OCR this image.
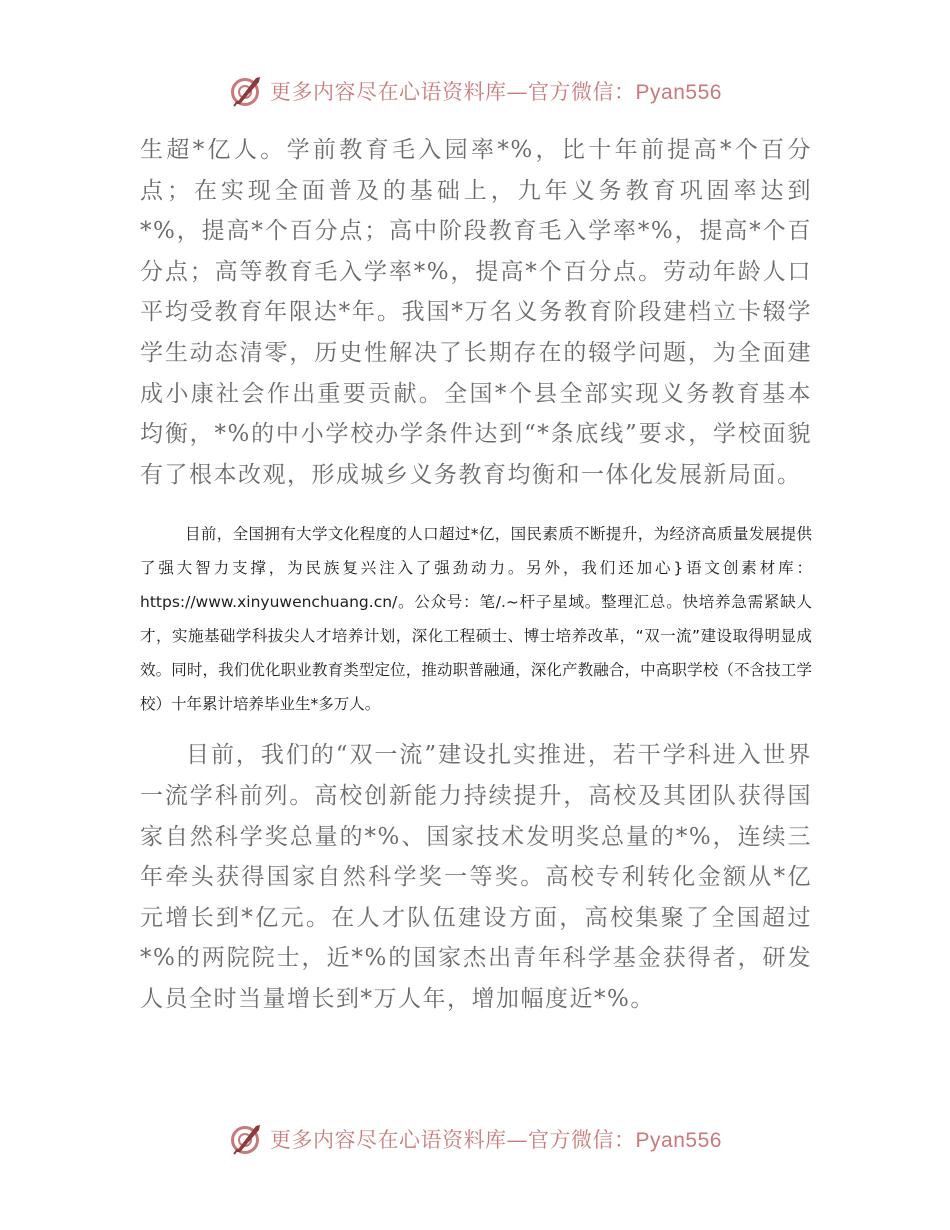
更多内容尽在心语资料库—官方微信：Pyan556

生超*亿人。学前教育毛入园率*%，比十年前提高*个百分点；在实现全面普及的基础上，九年义务教育巩固率达到*%，提高*个百分点；高中阶段教育毛入学率*%，提高*个百分点；高等教育毛入学率*%，提高*个百分点。劳动年龄人口平均受教育年限达*年。我国*万名义务教育阶段建档立卡辍学学生动态清零，历史性解决了长期存在的辍学问题，为全面建成小康社会作出重要贡献。全国*个县全部实现义务教育基本均衡，*%的中小学校办学条件达到“*条底线”要求，学校面貌有了根本改观，形成城乡义务教育均衡和一体化发展新局面。

目前，全国拥有大学文化程度的人口超过*亿，国民素质不断提升，为经济高质量发展提供了强大智力支撑，为民族复兴注入了强劲动力。另外，我们还加心}语文创素材库：https://www.xinyuwenchuang.cn/。公众号：笔/.~杆子星域。整理汇总。快培养急需紧缺人才，实施基础学科拔尖人才培养计划，深化工程硕士、博士培养改革，“双一流”建设取得明显成效。同时，我们优化职业教育类型定位，推动职普融通，深化产教融合，中高职学校（不含技工学校）十年累计培养毕业生*多万人。

目前，我们的“双一流”建设扎实推进，若干学科进入世界一流学科前列。高校创新能力持续提升，高校及其团队获得国家自然科学奖总量的*%、国家技术发明奖总量的*%，连续三年牵头获得国家自然科学奖一等奖。高校专利转化金额从*亿元增长到*亿元。在人才队伍建设方面，高校集聚了全国超过*%的两院院士，近*%的国家杰出青年科学基金获得者，研发人员全时当量增长到*万人年，增加幅度近*%。

更多内容尽在心语资料库—官方微信：Pyan556
